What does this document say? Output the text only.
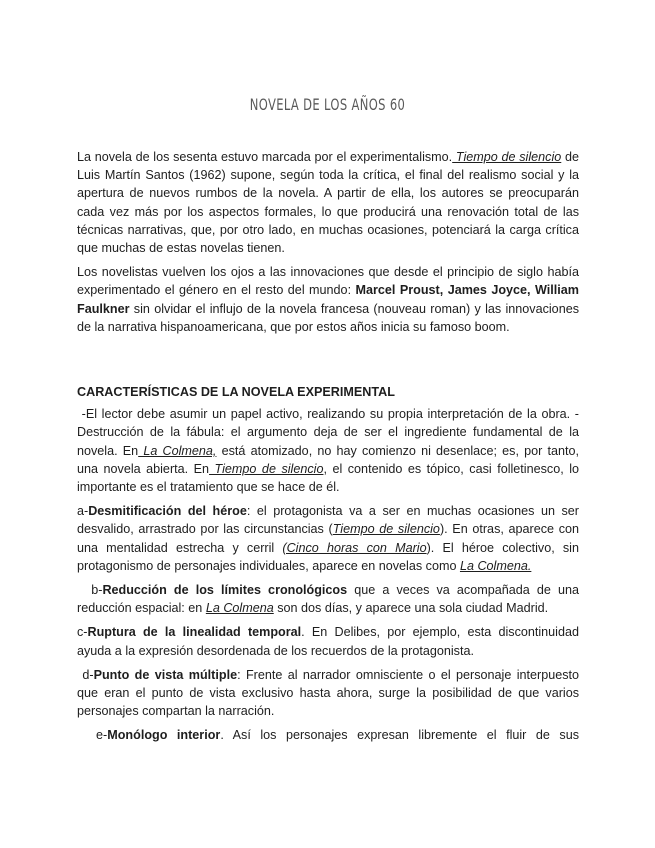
NOVELA DE LOS AÑOS 60

La novela de los sesenta estuvo marcada por el experimentalismo. Tiempo de silencio de Luis Martín Santos (1962) supone, según toda la crítica, el final del realismo social y la apertura de nuevos rumbos de la novela. A partir de ella, los autores se preocuparán cada vez más por los aspectos formales, lo que producirá una renovación total de las técnicas narrativas, que, por otro lado, en muchas ocasiones, potenciará la carga crítica que muchas de estas novelas tienen.

Los novelistas vuelven los ojos a las innovaciones que desde el principio de siglo había experimentado el género en el resto del mundo: Marcel Proust, James Joyce, William Faulkner sin olvidar el influjo de la novela francesa (nouveau roman) y las innovaciones de la narrativa hispanoamericana, que por estos años inicia su famoso boom.

CARACTERÍSTICAS DE LA NOVELA EXPERIMENTAL

-El lector debe asumir un papel activo, realizando su propia interpretación de la obra. -Destrucción de la fábula: el argumento deja de ser el ingrediente fundamental de la novela. En La Colmena, está atomizado, no hay comienzo ni desenlace; es, por tanto, una novela abierta. En Tiempo de silencio, el contenido es tópico, casi folletinesco, lo importante es el tratamiento que se hace de él.

a-Desmitificación del héroe: el protagonista va a ser en muchas ocasiones un ser desvalido, arrastrado por las circunstancias (Tiempo de silencio). En otras, aparece con una mentalidad estrecha y cerril (Cinco horas con Mario). El héroe colectivo, sin protagonismo de personajes individuales, aparece en novelas como La Colmena.

b-Reducción de los límites cronológicos que a veces va acompañada de una reducción espacial: en La Colmena son dos días, y aparece una sola ciudad Madrid.

c-Ruptura de la linealidad temporal. En Delibes, por ejemplo, esta discontinuidad ayuda a la expresión desordenada de los recuerdos de la protagonista.

d-Punto de vista múltiple: Frente al narrador omnisciente o el personaje interpuesto que eran el punto de vista exclusivo hasta ahora, surge la posibilidad de que varios personajes compartan la narración.

e-Monólogo interior. Así los personajes expresan libremente el fluir de sus
